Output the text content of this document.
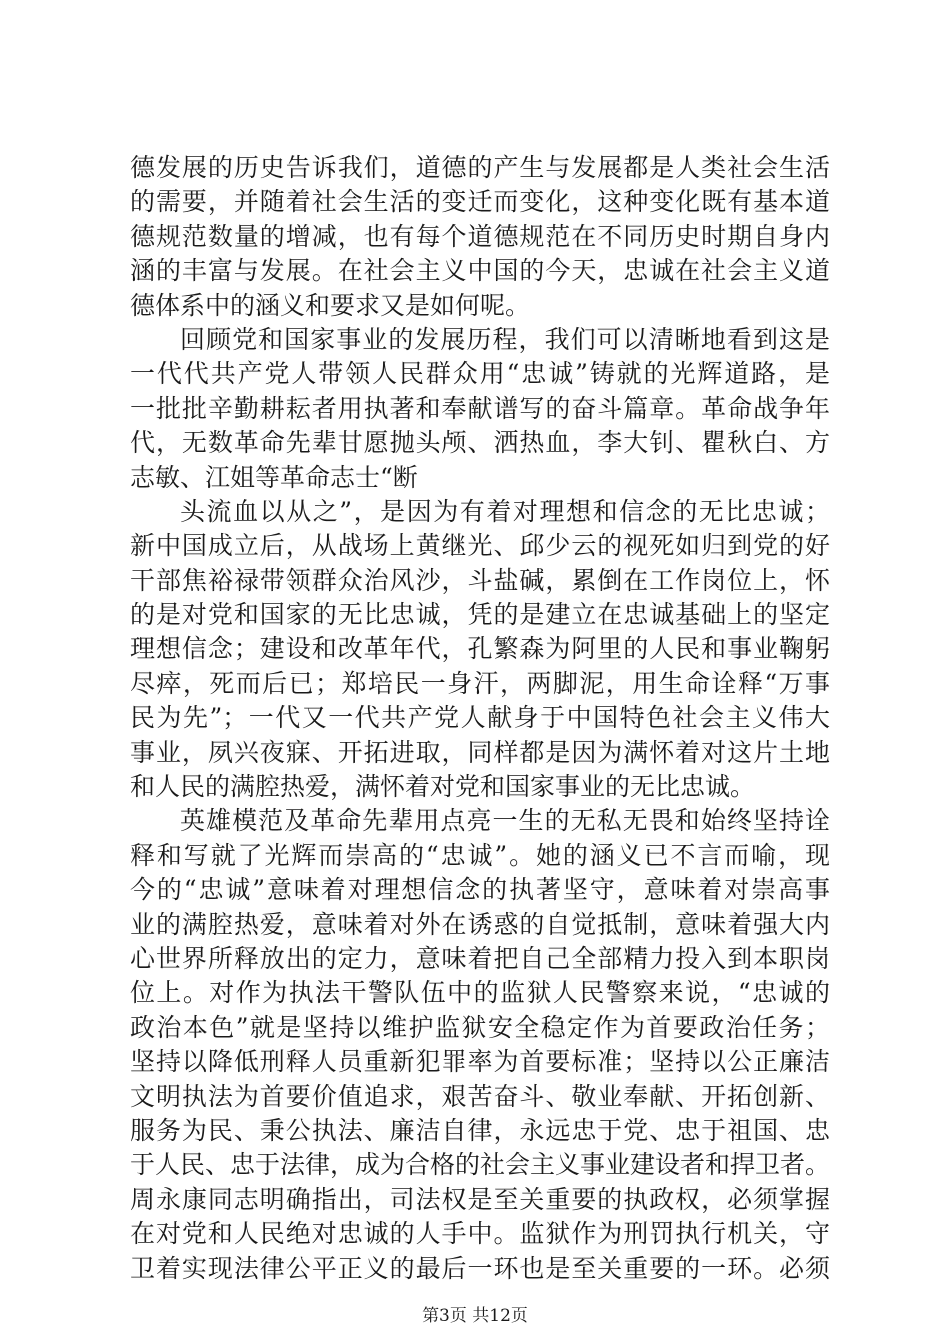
德发展的历史告诉我们，道德的产生与发展都是人类社会生活
的需要，并随着社会生活的变迁而变化，这种变化既有基本道
德规范数量的增减，也有每个道德规范在不同历史时期自身内
涵的丰富与发展。在社会主义中国的今天，忠诚在社会主义道
德体系中的涵义和要求又是如何呢。
回顾党和国家事业的发展历程，我们可以清晰地看到这是
一代代共产党人带领人民群众用“忠诚”铸就的光辉道路，是
一批批辛勤耕耘者用执著和奉献谱写的奋斗篇章。革命战争年
代，无数革命先辈甘愿抛头颅、洒热血，李大钊、瞿秋白、方
志敏、江姐等革命志士“断
头流血以从之”，是因为有着对理想和信念的无比忠诚；
新中国成立后，从战场上黄继光、邱少云的视死如归到党的好
干部焦裕禄带领群众治风沙，斗盐碱，累倒在工作岗位上，怀
的是对党和国家的无比忠诚，凭的是建立在忠诚基础上的坚定
理想信念；建设和改革年代，孔繁森为阿里的人民和事业鞠躬
尽瘁，死而后已；郑培民一身汗，两脚泥，用生命诠释“万事
民为先”；一代又一代共产党人献身于中国特色社会主义伟大
事业，夙兴夜寐、开拓进取，同样都是因为满怀着对这片土地
和人民的满腔热爱，满怀着对党和国家事业的无比忠诚。
英雄模范及革命先辈用点亮一生的无私无畏和始终坚持诠
释和写就了光辉而崇高的“忠诚”。她的涵义已不言而喻，现
今的“忠诚”意味着对理想信念的执著坚守，意味着对崇高事
业的满腔热爱，意味着对外在诱惑的自觉抵制，意味着强大内
心世界所释放出的定力，意味着把自己全部精力投入到本职岗
位上。对作为执法干警队伍中的监狱人民警察来说，“忠诚的
政治本色”就是坚持以维护监狱安全稳定作为首要政治任务；
坚持以降低刑释人员重新犯罪率为首要标准；坚持以公正廉洁
文明执法为首要价值追求，艰苦奋斗、敬业奉献、开拓创新、
服务为民、秉公执法、廉洁自律，永远忠于党、忠于祖国、忠
于人民、忠于法律，成为合格的社会主义事业建设者和捍卫者。
周永康同志明确指出，司法权是至关重要的执政权，必须掌握
在对党和人民绝对忠诚的人手中。监狱作为刑罚执行机关，守
卫着实现法律公平正义的最后一环也是至关重要的一环。必须
第3页 共12页
